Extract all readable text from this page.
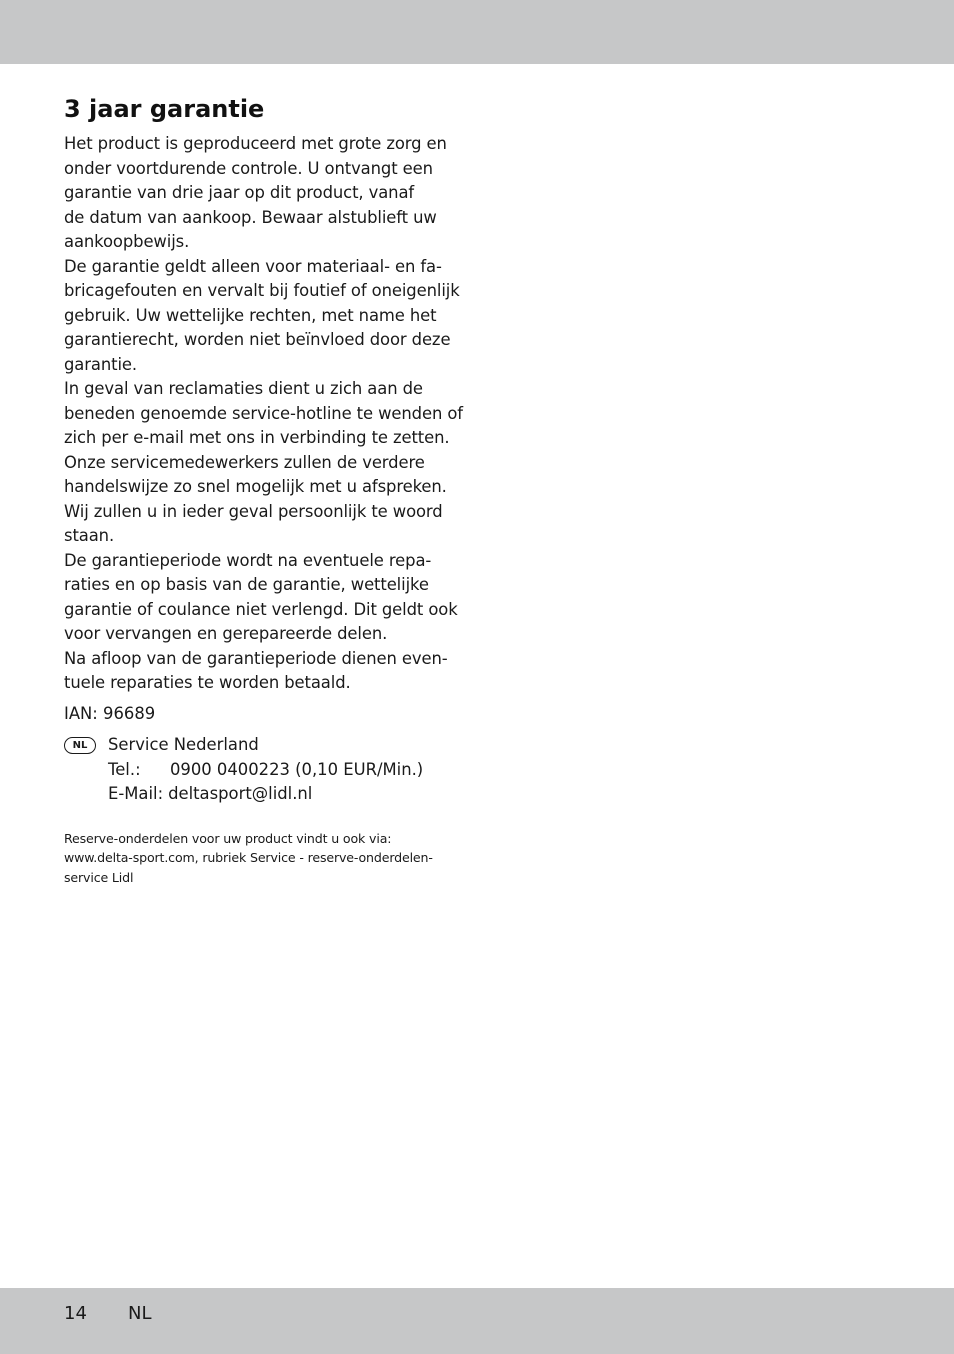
3 jaar garantie

Het product is geproduceerd met grote zorg en
onder voortdurende controle. U ontvangt een
garantie van drie jaar op dit product, vanaf
de datum van aankoop. Bewaar alstublieft uw
aankoopbewijs.
De garantie geldt alleen voor materiaal- en fa-
bricagefouten en vervalt bij foutief of oneigenlijk
gebruik. Uw wettelijke rechten, met name het
garantierecht, worden niet beïnvloed door deze
garantie.
In geval van reclamaties dient u zich aan de
beneden genoemde service-hotline te wenden of
zich per e-mail met ons in verbinding te zetten.
Onze servicemedewerkers zullen de verdere
handelswijze zo snel mogelijk met u afspreken.
Wij zullen u in ieder geval persoonlijk te woord
staan.
De garantieperiode wordt na eventuele repa-
raties en op basis van de garantie, wettelijke
garantie of coulance niet verlengd. Dit geldt ook
voor vervangen en gerepareerde delen.
Na afloop van de garantieperiode dienen even-
tuele reparaties te worden betaald.

IAN: 96689

NL	Service Nederland
Tel.:	0900 0400223 (0,10 EUR/Min.)
E-Mail: deltasport@lidl.nl

Reserve-onderdelen voor uw product vindt u ook via:
www.delta-sport.com, rubriek Service - reserve-onderdelen-
service Lidl

14 NL
